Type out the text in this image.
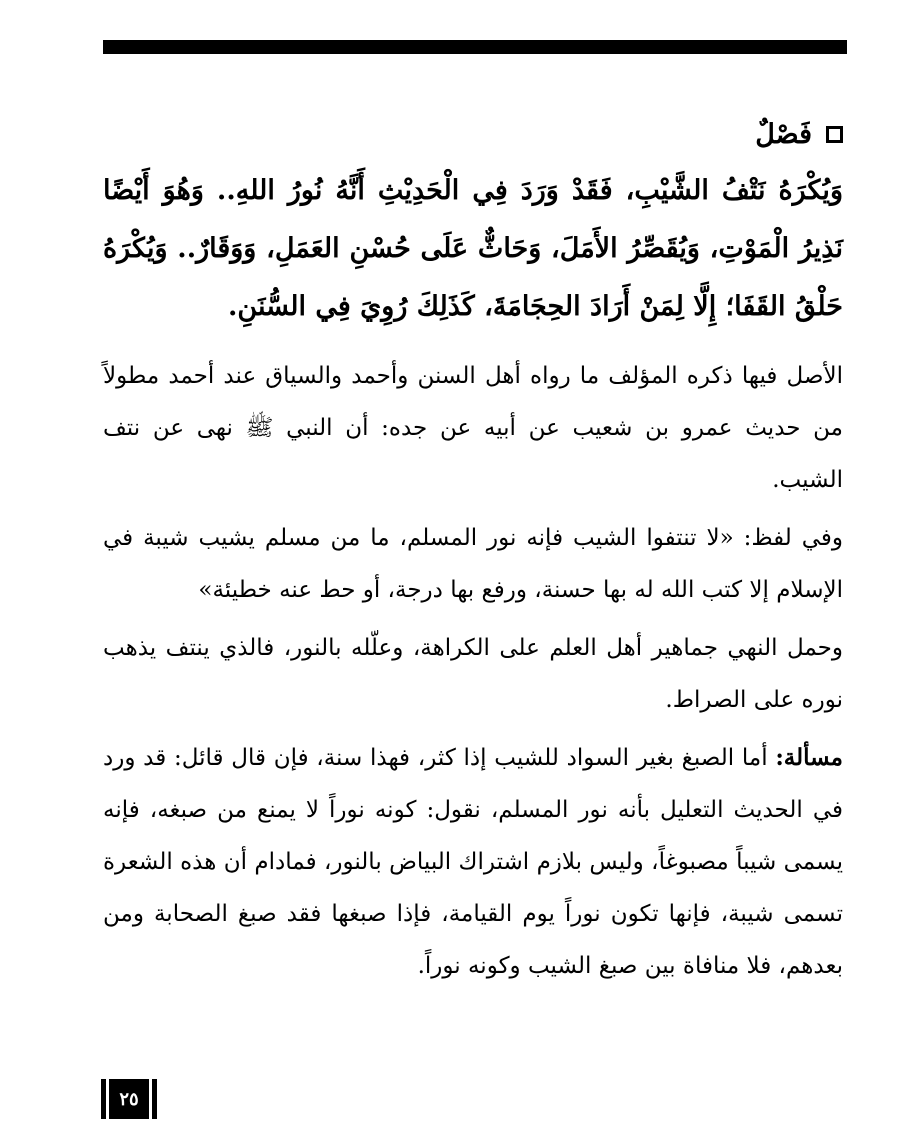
فَصْلٌ

وَيُكْرَهُ نَتْفُ الشَّيْبِ، فَقَدْ وَرَدَ فِي الْحَدِيْثِ أَنَّهُ نُورُ اللهِ.. وَهُوَ أَيْضًا نَذِيرُ الْمَوْتِ، وَيُقَصِّرُ الأَمَلَ، وَحَاثٌّ عَلَى حُسْنِ العَمَلِ، وَوَقَارٌ.. وَيُكْرَهُ حَلْقُ القَفَا؛ إِلَّا لِمَنْ أَرَادَ الحِجَامَةَ، كَذَلِكَ رُوِيَ فِي السُّنَنِ.

الأصل فيها ذكره المؤلف ما رواه أهل السنن وأحمد والسياق عند أحمد مطولاً من حديث عمرو بن شعيب عن أبيه عن جده: أن النبي ﷺ نهى عن نتف الشيب.

وفي لفظ: «لا تنتفوا الشيب فإنه نور المسلم، ما من مسلم يشيب شيبة في الإسلام إلا كتب الله له بها حسنة، ورفع بها درجة، أو حط عنه خطيئة»

وحمل النهي جماهير أهل العلم على الكراهة، وعلّله بالنور، فالذي ينتف يذهب نوره على الصراط.

مسألة: أما الصبغ بغير السواد للشيب إذا كثر، فهذا سنة، فإن قال قائل: قد ورد في الحديث التعليل بأنه نور المسلم، نقول: كونه نوراً لا يمنع من صبغه، فإنه يسمى شيباً مصبوغاً، وليس بلازم اشتراك البياض بالنور، فمادام أن هذه الشعرة تسمى شيبة، فإنها تكون نوراً يوم القيامة، فإذا صبغها فقد صبغ الصحابة ومن بعدهم، فلا منافاة بين صبغ الشيب وكونه نوراً.

٢٥
